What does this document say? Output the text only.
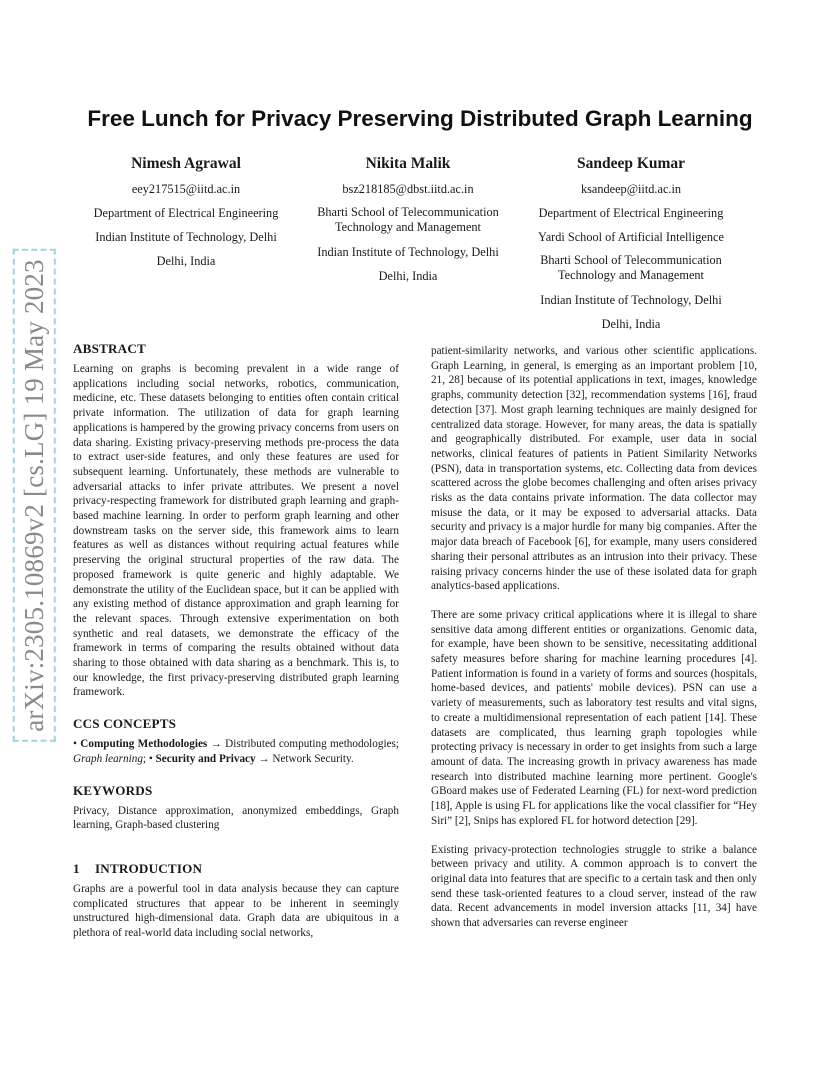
arXiv:2305.10869v2 [cs.LG] 19 May 2023
Free Lunch for Privacy Preserving Distributed Graph Learning
Nimesh Agrawal
eey217515@iitd.ac.in
Department of Electrical Engineering
Indian Institute of Technology, Delhi
Delhi, India
Nikita Malik
bsz218185@dbst.iitd.ac.in
Bharti School of Telecommunication Technology and Management
Indian Institute of Technology, Delhi
Delhi, India
Sandeep Kumar
ksandeep@iitd.ac.in
Department of Electrical Engineering
Yardi School of Artificial Intelligence
Bharti School of Telecommunication Technology and Management
Indian Institute of Technology, Delhi
Delhi, India
ABSTRACT

Learning on graphs is becoming prevalent in a wide range of applications including social networks, robotics, communication, medicine, etc. These datasets belonging to entities often contain critical private information. The utilization of data for graph learning applications is hampered by the growing privacy concerns from users on data sharing. Existing privacy-preserving methods pre-process the data to extract user-side features, and only these features are used for subsequent learning. Unfortunately, these methods are vulnerable to adversarial attacks to infer private attributes. We present a novel privacy-respecting framework for distributed graph learning and graph-based machine learning. In order to perform graph learning and other downstream tasks on the server side, this framework aims to learn features as well as distances without requiring actual features while preserving the original structural properties of the raw data. The proposed framework is quite generic and highly adaptable. We demonstrate the utility of the Euclidean space, but it can be applied with any existing method of distance approximation and graph learning for the relevant spaces. Through extensive experimentation on both synthetic and real datasets, we demonstrate the efficacy of the framework in terms of comparing the results obtained without data sharing to those obtained with data sharing as a benchmark. This is, to our knowledge, the first privacy-preserving distributed graph learning framework.

CCS CONCEPTS

• Computing Methodologies → Distributed computing methodologies; Graph learning; • Security and Privacy → Network Security.

KEYWORDS

Privacy, Distance approximation, anonymized embeddings, Graph learning, Graph-based clustering

1 INTRODUCTION

Graphs are a powerful tool in data analysis because they can capture complicated structures that appear to be inherent in seemingly unstructured high-dimensional data. Graph data are ubiquitous in a plethora of real-world data including social networks,

patient-similarity networks, and various other scientific applications. Graph Learning, in general, is emerging as an important problem [10, 21, 28] because of its potential applications in text, images, knowledge graphs, community detection [32], recommendation systems [16], fraud detection [37]. Most graph learning techniques are mainly designed for centralized data storage. However, for many areas, the data is spatially and geographically distributed. For example, user data in social networks, clinical features of patients in Patient Similarity Networks (PSN), data in transportation systems, etc. Collecting data from devices scattered across the globe becomes challenging and often arises privacy risks as the data contains private information. The data collector may misuse the data, or it may be exposed to adversarial attacks. Data security and privacy is a major hurdle for many big companies. After the major data breach of Facebook [6], for example, many users considered sharing their personal attributes as an intrusion into their privacy. These raising privacy concerns hinder the use of these isolated data for graph analytics-based applications.

There are some privacy critical applications where it is illegal to share sensitive data among different entities or organizations. Genomic data, for example, have been shown to be sensitive, necessitating additional safety measures before sharing for machine learning procedures [4]. Patient information is found in a variety of forms and sources (hospitals, home-based devices, and patients' mobile devices). PSN can use a variety of measurements, such as laboratory test results and vital signs, to create a multidimensional representation of each patient [14]. These datasets are complicated, thus learning graph topologies while protecting privacy is necessary in order to get insights from such a large amount of data. The increasing growth in privacy awareness has made research into distributed machine learning more pertinent. Google's GBoard makes use of Federated Learning (FL) for next-word prediction [18], Apple is using FL for applications like the vocal classifier for “Hey Siri” [2], Snips has explored FL for hotword detection [29].

Existing privacy-protection technologies struggle to strike a balance between privacy and utility. A common approach is to convert the original data into features that are specific to a certain task and then only send these task-oriented features to a cloud server, instead of the raw data. Recent advancements in model inversion attacks [11, 34] have shown that adversaries can reverse engineer
